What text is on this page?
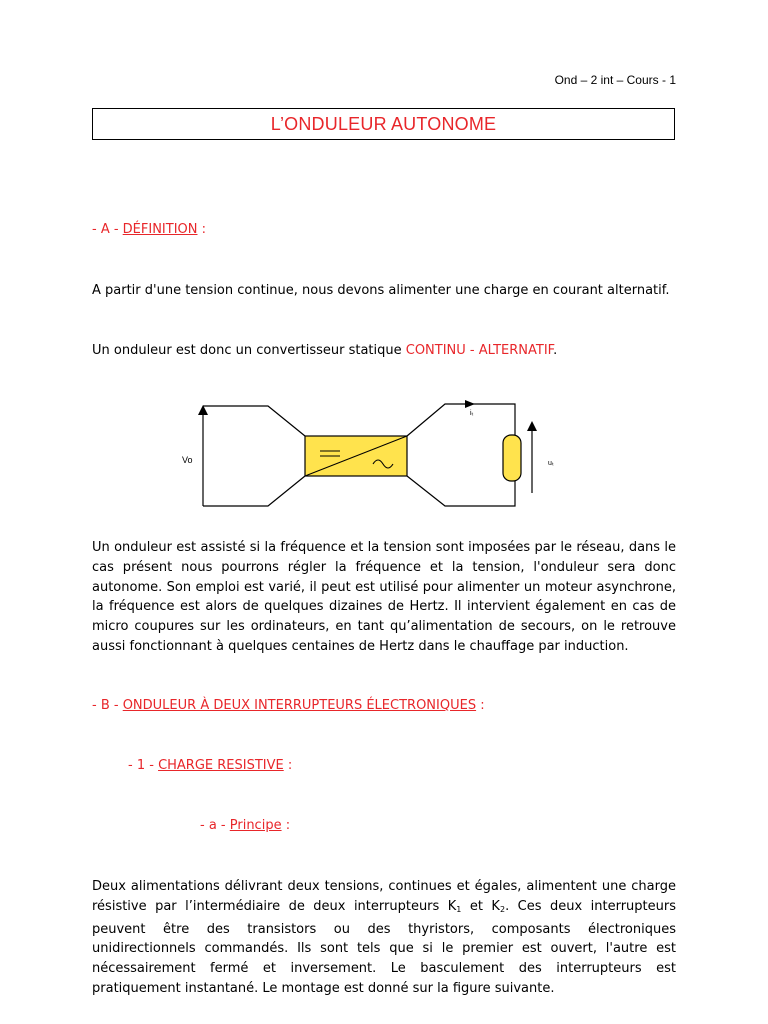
Ond – 2 int – Cours - 1
L’ONDULEUR AUTONOME
- A - DÉFINITION :
A partir d'une tension continue, nous devons alimenter une charge en courant alternatif.
Un onduleur est donc un convertisseur statique CONTINU - ALTERNATIF.
Vo
iₜ
uₜ
Un onduleur est assisté si la fréquence et la tension sont imposées par le réseau, dans le cas présent nous pourrons régler la fréquence et la tension, l'onduleur sera donc autonome. Son emploi est varié, il peut est utilisé pour alimenter un moteur asynchrone, la fréquence est alors de quelques dizaines de Hertz. Il intervient également en cas de micro coupures sur les ordinateurs, en tant qu’alimentation de secours, on le retrouve aussi fonctionnant à quelques centaines de Hertz dans le chauffage par induction.
- B - ONDULEUR À DEUX INTERRUPTEURS ÉLECTRONIQUES :
- 1 - CHARGE RESISTIVE :
- a - Principe :
Deux alimentations délivrant deux tensions, continues et égales, alimentent une charge résistive par l’intermédiaire de deux interrupteurs $K_1$ et $K_2$. Ces deux interrupteurs peuvent être des transistors ou des thyristors, composants électroniques unidirectionnels commandés. Ils sont tels que si le premier est ouvert, l'autre est nécessairement fermé et inversement. Le basculement des interrupteurs est pratiquement instantané. Le montage est donné sur la figure suivante.
